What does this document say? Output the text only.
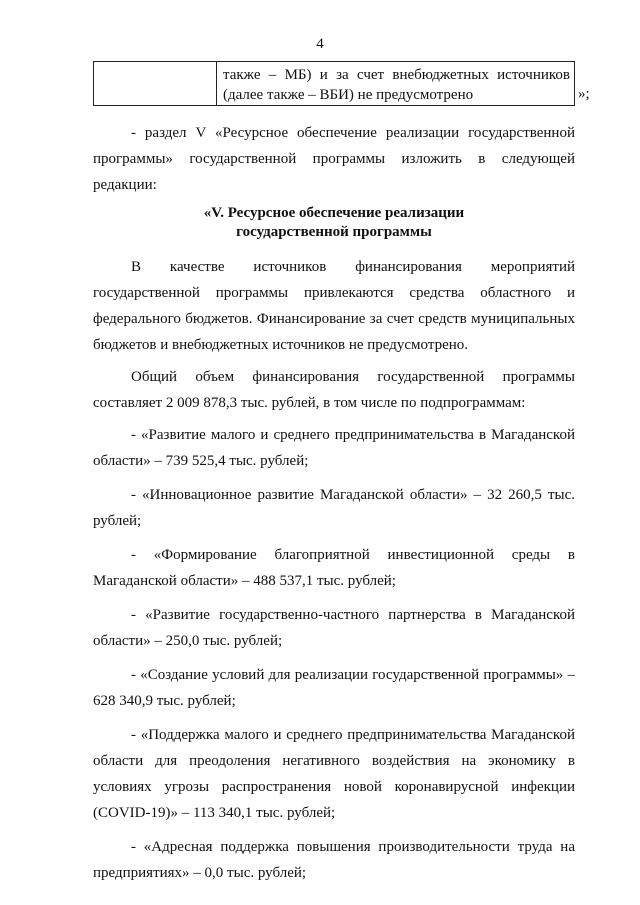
4

также – МБ) и за счет внебюджетных источников
(далее также – ВБИ) не предусмотрено	»;

- раздел V «Ресурсное обеспечение реализации государственной программы» государственной программы изложить в следующей редакции:

«V. Ресурсное обеспечение реализации
государственной программы

В качестве источников финансирования мероприятий государственной программы привлекаются средства областного и федерального бюджетов. Финансирование за счет средств муниципальных бюджетов и внебюджетных источников не предусмотрено.

Общий объем финансирования государственной программы составляет 2 009 878,3 тыс. рублей, в том числе по подпрограммам:

- «Развитие малого и среднего предпринимательства в Магаданской области» – 739 525,4 тыс. рублей;

- «Инновационное развитие Магаданской области» – 32 260,5 тыс. рублей;

- «Формирование благоприятной инвестиционной среды в Магаданской области» – 488 537,1 тыс. рублей;

- «Развитие государственно-частного партнерства в Магаданской области» – 250,0 тыс. рублей;

- «Создание условий для реализации государственной программы» – 628 340,9 тыс. рублей;

- «Поддержка малого и среднего предпринимательства Магаданской области для преодоления негативного воздействия на экономику в условиях угрозы распространения новой коронавирусной инфекции (COVID-19)» – 113 340,1 тыс. рублей;

- «Адресная поддержка повышения производительности труда на предприятиях» – 0,0 тыс. рублей;
